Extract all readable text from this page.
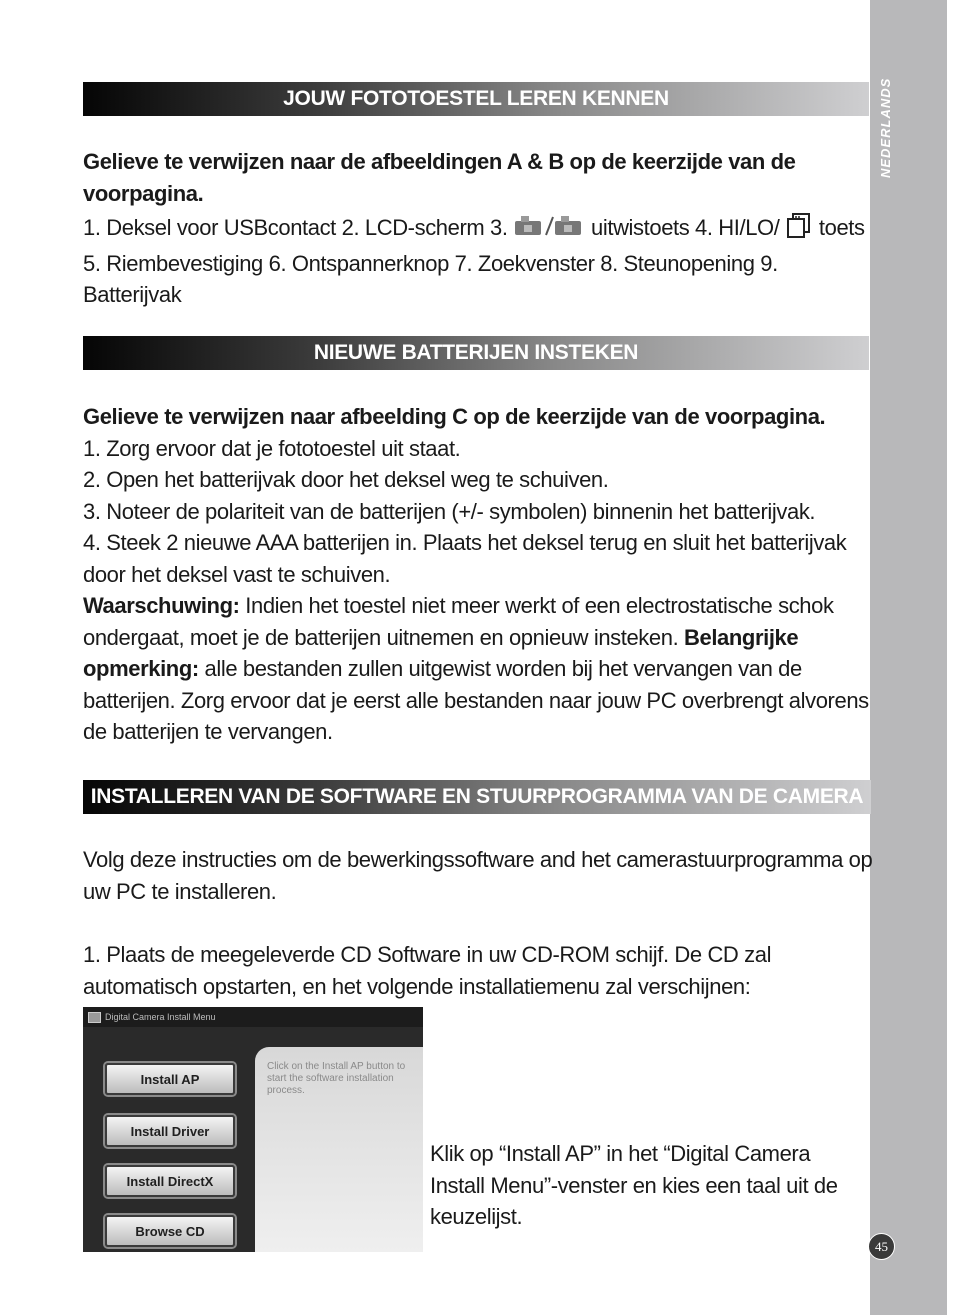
JOUW FOTOTOESTEL LEREN KENNEN
Gelieve te verwijzen naar de afbeeldingen A & B op de keerzijde van de voorpagina.
1. Deksel voor USBcontact 2. LCD-scherm 3.	uitwistoets 4. HI/LO/  toets 5. Riembevestiging 6. Ontspannerknop 7. Zoekvenster 8. Steunopening 9. Batterijvak
NIEUWE BATTERIJEN INSTEKEN
Gelieve te verwijzen naar afbeelding C op de keerzijde van de voorpagina.
1. Zorg ervoor dat je fototoestel uit staat.
2. Open het batterijvak door het deksel weg te schuiven.
3. Noteer de polariteit van de batterijen (+/- symbolen) binnenin het batterijvak.
4. Steek 2 nieuwe AAA batterijen in. Plaats het deksel terug en sluit het batterijvak door het deksel vast te schuiven.
Waarschuwing: Indien het toestel niet meer werkt of een electrostatische schok ondergaat, moet je de batterijen uitnemen en opnieuw insteken. Belangrijke opmerking: alle bestanden zullen uitgewist worden bij het vervangen van de batterijen. Zorg ervoor dat je eerst alle bestanden naar jouw PC overbrengt alvorens de batterijen te vervangen.
INSTALLEREN VAN DE SOFTWARE EN STUURPROGRAMMA VAN DE CAMERA
Volg deze instructies om de bewerkingssoftware and het camerastuurprogramma op uw PC te installeren.
1. Plaats de meegeleverde CD Software in uw CD-ROM schijf. De CD zal automatisch opstarten, en het volgende installatiemenu zal verschijnen:
Digital Camera Install Menu
Install AP
Install Driver
Install DirectX
Browse CD
Click on the Install AP button to start the software installation process.
Klik op “Install AP” in het “Digital Camera Install Menu”-venster en kies een taal uit de keuzelijst.
45
